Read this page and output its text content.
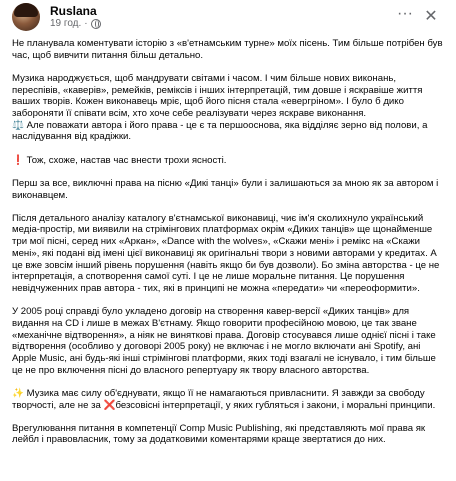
Ruslana
19 год. ·
··· ✕

Не планувала коментувати історію з «в'етнамським турне» моїх пісень. Тим більше потрібен був час, щоб вивчити питання більш детально.

Музика народжується, щоб мандрувати світами і часом. І чим більше нових виконань, переспівів, «каверів», ремейків, ремiксів і інших інтерпретацій, тим довше і яскравіше життя ваших творів. Кожен виконавець мріє, щоб його пісня стала «евергріном». І було б дико забороняти її співати всім, хто хоче себе реалізувати через яскраве виконання.

⚖️ Але поважати автора і його права - це є та першооснова, яка відділяє зерно від полови, а наслідування від крадіжки.

❗ Тож, схоже, настав час внести трохи ясності.

Перш за все, виключні права на пісню «Дикі танці» були і залишаються за мною як за автором і виконавцем.

Після детального аналізу каталогу в'єтнамської виконавиці, чиє ім'я сколихнуло український медіа-простір, ми виявили на стрімінгових платформах окрім «Диких танців» ще щонайменше три мої пісні, серед них «Аркан», «Dance with the wolves», «Скажи мені» і ремікс на «Скажи мені», які подані від імені цієї виконавиці як оригінальні твори з новими авторами у кредитах. А це вже зовсім інший рівень порушення (навіть якщо би був дозволи). Бо зміна авторства - це не інтерпретація, а спотворення самої суті. І це не лише моральне питання. Це порушення невідчуженних прав автора - тих, які в принципі не можна «передати» чи «переоформити».

У 2005 році справді було укладено договір на створення кавер-версії «Диких танців» для видання на CD і лише в межах В'єтнаму. Якщо говорити професійною мовою, це так зване «механічне відтворення», а ніяк не виняткові права. Договір стосувався лише однієї пісні і таке відтворення (особливо у договорі 2005 року) не включає і не могло включати ані Spotify, ані Apple Music, ані будь-які інші стрімінгові платформи, яких тоді взагалі не існувало, і тим більше це не про включення пісні до власного репертуару як твору власного авторства.

✨ Музика має силу об'єднувати, якщо її не намагаються привласнити. Я завжди за свободу творчості, але не за ❌безсовісні інтерпретації, у яких губляться і закони, і моральні принципи.

Врегулювання питання в компетенції Comp Music Publishing, які представляють мої права як лейбл і правовласник, тому за додатковими коментарями краще звертатися до них.
